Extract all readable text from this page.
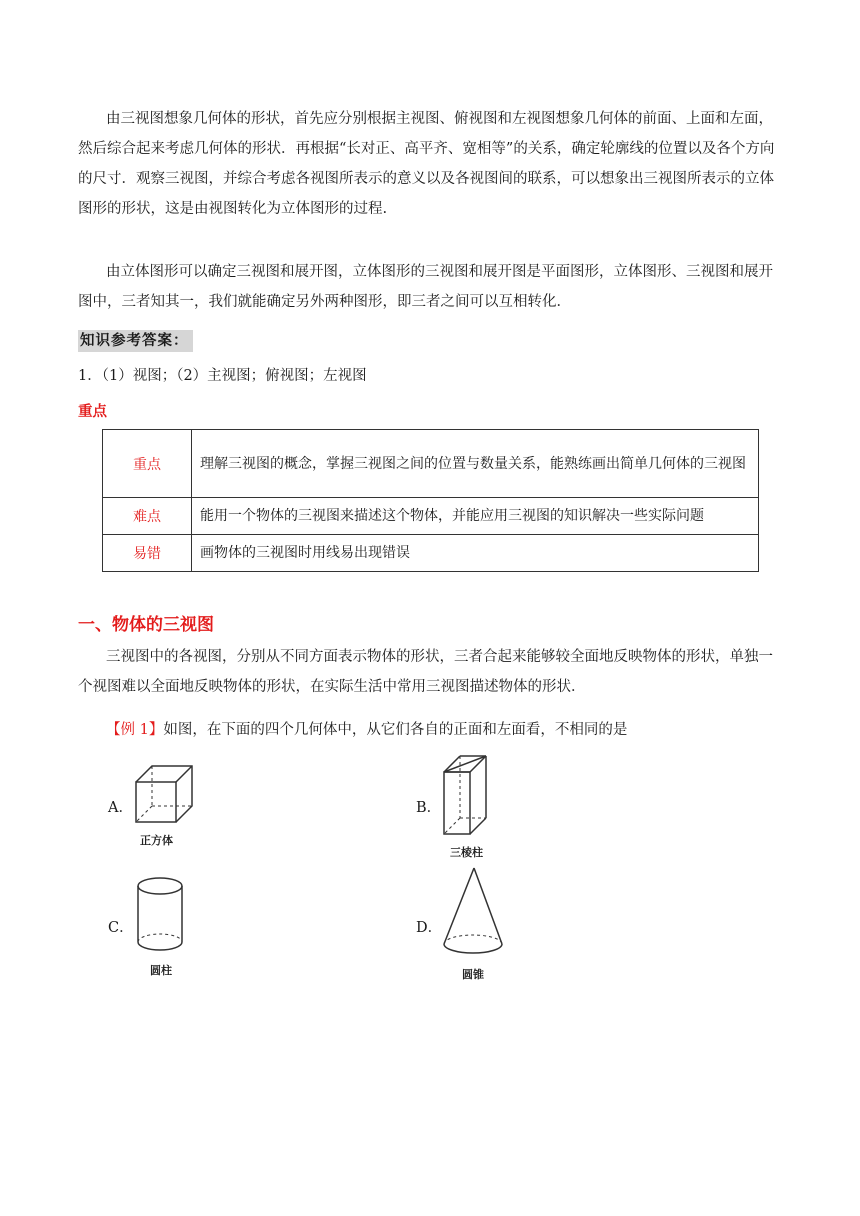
由三视图想象几何体的形状，首先应分别根据主视图、俯视图和左视图想象几何体的前面、上面和左面，然后综合起来考虑几何体的形状．再根据“长对正、高平齐、宽相等”的关系，确定轮廓线的位置以及各个方向的尺寸．观察三视图，并综合考虑各视图所表示的意义以及各视图间的联系，可以想象出三视图所表示的立体图形的形状，这是由视图转化为立体图形的过程.

由立体图形可以确定三视图和展开图，立体图形的三视图和展开图是平面图形，立体图形、三视图和展开图中，三者知其一，我们就能确定另外两种图形，即三者之间可以互相转化．

知识参考答案：
1．（1）视图；（2）主视图；俯视图；左视图
重点
重点	理解三视图的概念，掌握三视图之间的位置与数量关系，能熟练画出简单几何体的三视图
难点	能用一个物体的三视图来描述这个物体，并能应用三视图的知识解决一些实际问题
易错	画物体的三视图时用线易出现错误
一、物体的三视图

三视图中的各视图，分别从不同方面表示物体的形状，三者合起来能够较全面地反映物体的形状，单独一个视图难以全面地反映物体的形状，在实际生活中常用三视图描述物体的形状．

【例 1】如图，在下面的四个几何体中，从它们各自的正面和左面看，不相同的是
A．
正方体
B．
三棱柱
C．
圆柱
D．
圆锥
